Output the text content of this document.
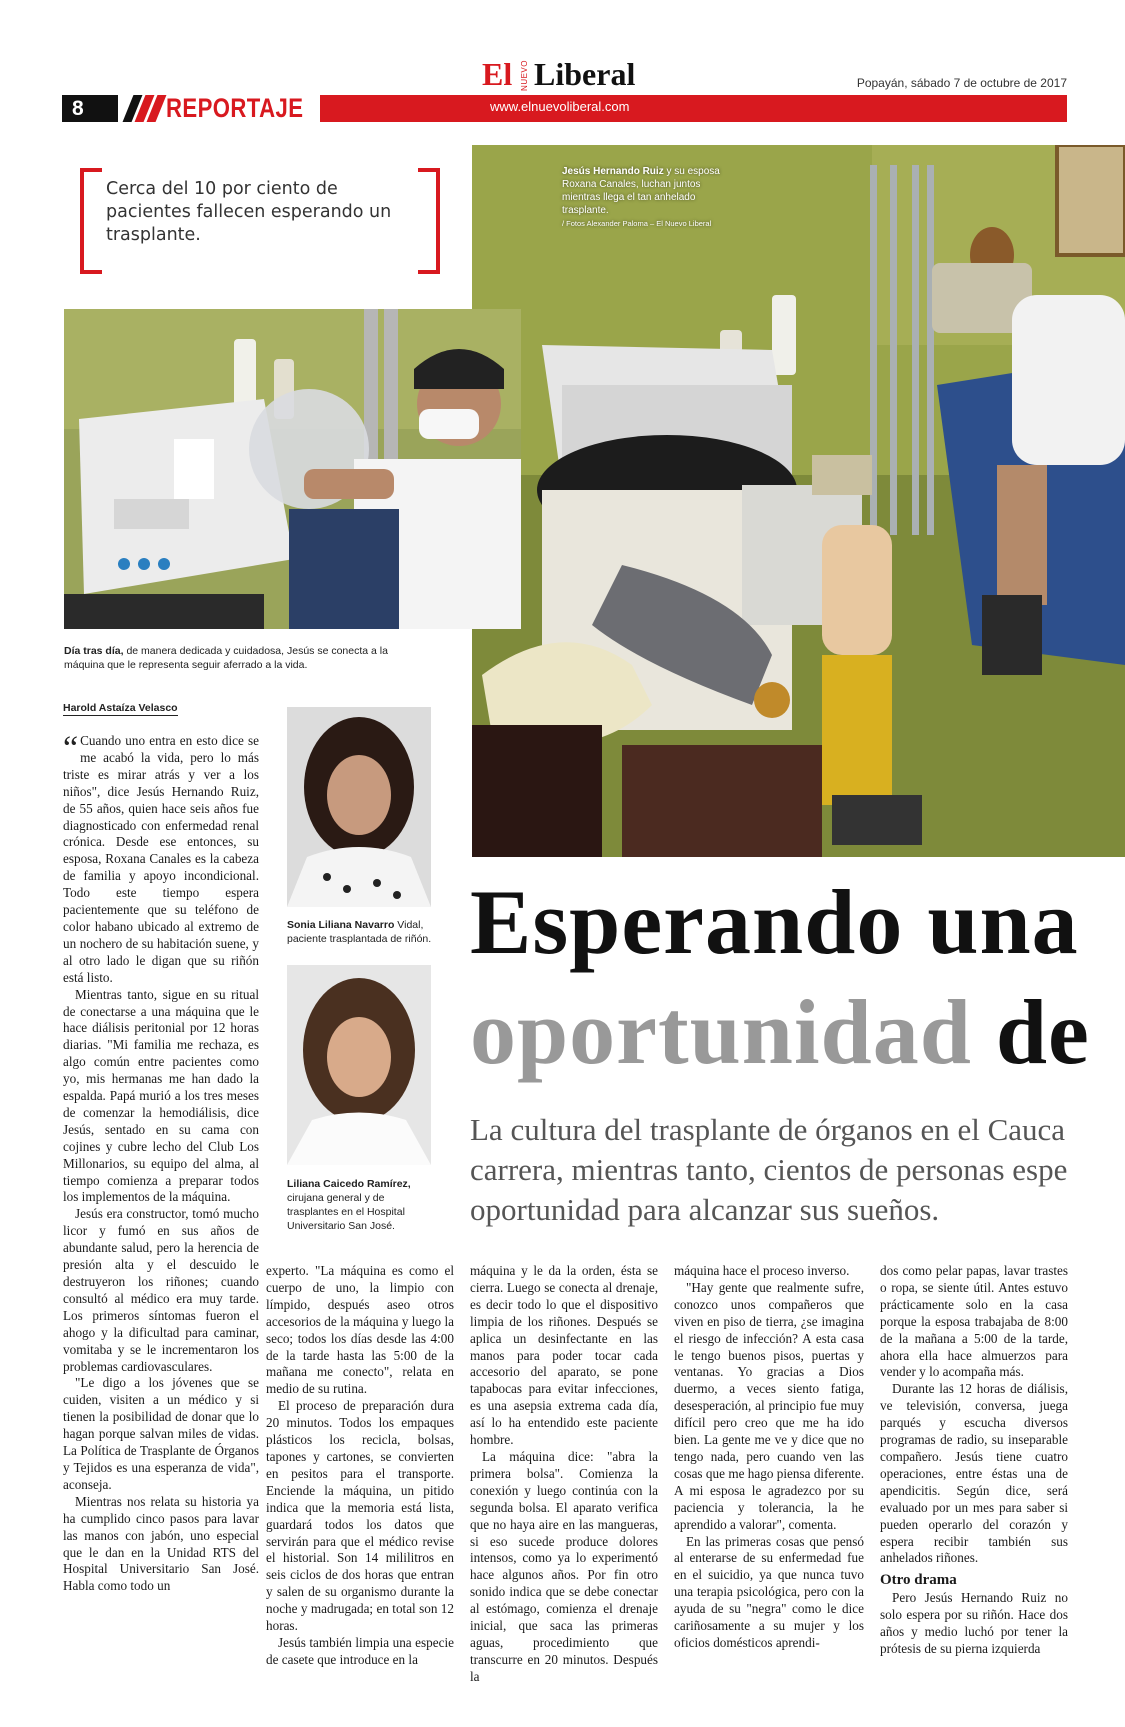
El NUEVO Liberal	Popayán, sábado 7 de octubre de 2017
8	REPORTAJE	www.elnuevoliberal.com
Cerca del 10 por ciento de pacientes fallecen esperando un trasplante.
Jesús Hernando Ruiz y su esposa Roxana Canales, luchan juntos mientras llega el tan anhelado trasplante.
/ Fotos Alexander Paloma – El Nuevo Liberal
Día tras día, de manera dedicada y cuidadosa, Jesús se conecta a la máquina que le representa seguir aferrado a la vida.
Harold Astaíza Velasco
Sonia Liliana Navarro Vidal, paciente trasplantada de riñón.
Liliana Caicedo Ramírez, cirujana general y de trasplantes en el Hospital Universitario San José.
Esperando una
oportunidad de
La cultura del trasplante de órganos en el Cauca
carrera, mientras tanto, cientos de personas espe
oportunidad para alcanzar sus sueños.

“ Cuando uno entra en esto dice se me acabó la vida, pero lo más triste es mirar atrás y ver a los niños", dice Jesús Hernando Ruiz, de 55 años, quien hace seis años fue diagnosticado con enfermedad renal crónica. Desde ese entonces, su esposa, Roxana Canales es la cabeza de familia y apoyo incondicional. Todo este tiempo espera pacientemente que su teléfono de color habano ubicado al extremo de un nochero de su habitación suene, y al otro lado le digan que su riñón está listo.

Mientras tanto, sigue en su ritual de conectarse a una máquina que le hace diálisis peritonial por 12 horas diarias. "Mi familia me rechaza, es algo común entre pacientes como yo, mis hermanas me han dado la espalda. Papá murió a los tres meses de comenzar la hemodiálisis, dice Jesús, sentado en su cama con cojines y cubre lecho del Club Los Millonarios, su equipo del alma, al tiempo comienza a preparar todos los implementos de la máquina.

Jesús era constructor, tomó mucho licor y fumó en sus años de abundante salud, pero la herencia de presión alta y el descuido le destruyeron los riñones; cuando consultó al médico era muy tarde. Los primeros síntomas fueron el ahogo y la dificultad para caminar, vomitaba y se le incrementaron los problemas cardiovasculares.

"Le digo a los jóvenes que se cuiden, visiten a un médico y si tienen la posibilidad de donar que lo hagan porque salvan miles de vidas. La Política de Trasplante de Órganos y Tejidos es una esperanza de vida", aconseja.

Mientras nos relata su historia ya ha cumplido cinco pasos para lavar las manos con jabón, uno especial que le dan en la Unidad RTS del Hospital Universitario San José. Habla como todo un

experto. "La máquina es como el cuerpo de uno, la limpio con límpido, después aseo otros accesorios de la máquina y luego la seco; todos los días desde las 4:00 de la tarde hasta las 5:00 de la mañana me conecto", relata en medio de su rutina.

El proceso de preparación dura 20 minutos. Todos los empaques plásticos los recicla, bolsas, tapones y cartones, se convierten en pesitos para el transporte. Enciende la máquina, un pitido indica que la memoria está lista, guardará todos los datos que servirán para que el médico revise el historial. Son 14 mililitros en seis ciclos de dos horas que entran y salen de su organismo durante la noche y madrugada; en total son 12 horas.

Jesús también limpia una especie de casete que introduce en la

máquina y le da la orden, ésta se cierra. Luego se conecta al drenaje, es decir todo lo que el dispositivo limpia de los riñones. Después se aplica un desinfectante en las manos para poder tocar cada accesorio del aparato, se pone tapabocas para evitar infecciones, es una asepsia extrema cada día, así lo ha entendido este paciente hombre.

La máquina dice: "abra la primera bolsa". Comienza la conexión y luego continúa con la segunda bolsa. El aparato verifica que no haya aire en las mangueras, si eso sucede produce dolores intensos, como ya lo experimentó hace algunos años. Por fin otro sonido indica que se debe conectar al estómago, comienza el drenaje inicial, que saca las primeras aguas, procedimiento que transcurre en 20 minutos. Después la

máquina hace el proceso inverso.

"Hay gente que realmente sufre, conozco unos compañeros que viven en piso de tierra, ¿se imagina el riesgo de infección? A esta casa le tengo buenos pisos, puertas y ventanas. Yo gracias a Dios duermo, a veces siento fatiga, desesperación, al principio fue muy difícil pero creo que me ha ido bien. La gente me ve y dice que no tengo nada, pero cuando ven las cosas que me hago piensa diferente. A mi esposa le agradezco por su paciencia y tolerancia, la he aprendido a valorar", comenta.

En las primeras cosas que pensó al enterarse de su enfermedad fue en el suicidio, ya que nunca tuvo una terapia psicológica, pero con la ayuda de su "negra" como le dice cariñosamente a su mujer y los oficios domésticos aprendi-

dos como pelar papas, lavar trastes o ropa, se siente útil. Antes estuvo prácticamente solo en la casa porque la esposa trabajaba de 8:00 de la mañana a 5:00 de la tarde, ahora ella hace almuerzos para vender y lo acompaña más.

Durante las 12 horas de diálisis, ve televisión, conversa, juega parqués y escucha diversos programas de radio, su inseparable compañero. Jesús tiene cuatro operaciones, entre éstas una de apendicitis. Según dice, será evaluado por un mes para saber si pueden operarlo del corazón y espera recibir también sus anhelados riñones.

Otro drama

Pero Jesús Hernando Ruiz no solo espera por su riñón. Hace dos años y medio luchó por tener la prótesis de su pierna izquierda
